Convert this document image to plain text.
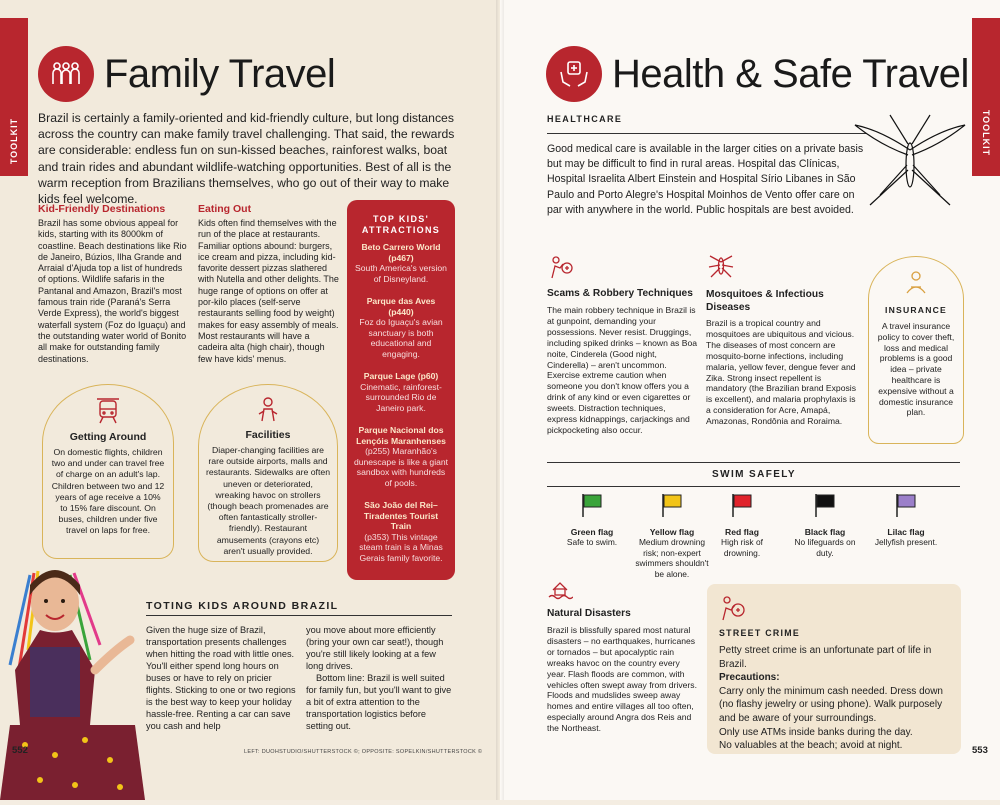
TOOLKIT
Family Travel
Brazil is certainly a family-oriented and kid-friendly culture, but long distances across the country can make family travel challenging. That said, the rewards are considerable: endless fun on sun-kissed beaches, rainforest walks, boat and train rides and abundant wildlife-watching opportunities. Best of all is the warm reception from Brazilians themselves, who go out of their way to make kids feel welcome.
Kid-Friendly Destinations
Brazil has some obvious appeal for kids, starting with its 8000km of coastline. Beach destinations like Rio de Janeiro, Búzios, Ilha Grande and Arraial d'Ajuda top a list of hundreds of options. Wildlife safaris in the Pantanal and Amazon, Brazil's most famous train ride (Paraná's Serra Verde Express), the world's biggest waterfall system (Foz do Iguaçu) and the outstanding water world of Bonito all make for outstanding family destinations.
Eating Out
Kids often find themselves with the run of the place at restaurants. Familiar options abound: burgers, ice cream and pizza, including kid-favorite dessert pizzas slathered with Nutella and other delights. The huge range of options on offer at por-kilo places (self-serve restaurants selling food by weight) makes for easy assembly of meals. Most restaurants will have a cadeira alta (high chair), though few have kids' menus.
TOP KIDS' ATTRACTIONS
Beto Carrero World (p467)
South America's version of Disneyland.
Parque das Aves (p440)
Foz do Iguaçu's avian sanctuary is both educational and engaging.
Parque Lage (p60)
Cinematic, rainforest-surrounded Rio de Janeiro park.
Parque Nacional dos Lençóis Maranhenses
(p255) Maranhão's dunescape is like a giant sandbox with hundreds of pools.
São João del Rei–Tiradentes Tourist Train
(p353) This vintage steam train is a Minas Gerais family favorite.
Getting Around
On domestic flights, children two and under can travel free of charge on an adult's lap. Children between two and 12 years of age receive a 10% to 15% fare discount. On buses, children under five travel on laps for free.
Facilities
Diaper-changing facilities are rare outside airports, malls and restaurants. Sidewalks are often uneven or deteriorated, wreaking havoc on strollers (though beach promenades are often fantastically stroller-friendly). Restaurant amusements (crayons etc) aren't usually provided.
TOTING KIDS AROUND BRAZIL
Given the huge size of Brazil, transportation presents challenges when hitting the road with little ones. You'll either spend long hours on buses or have to rely on pricier flights. Sticking to one or two regions is the best way to keep your holiday hassle-free. Renting a car can save you cash and help
you move about more efficiently (bring your own car seat!), though you're still likely looking at a few long drives.
Bottom line: Brazil is well suited for family fun, but you'll want to give a bit of extra attention to the transportation logistics before setting out.
552	LEFT: DUOHSTUDIO/SHUTTERSTOCK ©; OPPOSITE: SOPELKIN/SHUTTERSTOCK ©
TOOLKIT
Health & Safe Travel
HEALTHCARE
Good medical care is available in the larger cities on a private basis but may be difficult to find in rural areas. Hospital das Clínicas, Hospital Israelita Albert Einstein and Hospital Sírio Libanes in São Paulo and Porto Alegre's Hospital Moinhos de Vento offer care on par with anywhere in the world. Public hospitals are best avoided.
Scams & Robbery Techniques
The main robbery technique in Brazil is at gunpoint, demanding your possessions. Never resist. Druggings, including spiked drinks – known as Boa noite, Cinderela (Good night, Cinderella) – aren't uncommon. Exercise extreme caution when someone you don't know offers you a drink of any kind or even cigarettes or sweets. Distraction techniques, express kidnappings, carjackings and pickpocketing also occur.
Mosquitoes & Infectious Diseases
Brazil is a tropical country and mosquitoes are ubiquitous and vicious. The diseases of most concern are mosquito-borne infections, including malaria, yellow fever, dengue fever and Zika. Strong insect repellent is mandatory (the Brazilian brand Exposis is excellent), and malaria prophylaxis is a consideration for Acre, Amapá, Amazonas, Rondônia and Roraima.
INSURANCE
A travel insurance policy to cover theft, loss and medical problems is a good idea – private healthcare is expensive without a domestic insurance plan.
SWIM SAFELY
Green flag
Safe to swim.
Yellow flag
Medium drowning risk; non-expert swimmers shouldn't be alone.
Red flag
High risk of drowning.
Black flag
No lifeguards on duty.
Lilac flag
Jellyfish present.
Natural Disasters
Brazil is blissfully spared most natural disasters – no earthquakes, hurricanes or tornados – but apocalyptic rain wreaks havoc on the country every year. Flash floods are common, with vehicles often swept away from drivers. Floods and mudslides sweep away homes and entire villages all too often, especially around Angra dos Reis and the Northeast.
STREET CRIME
Petty street crime is an unfortunate part of life in Brazil.
Precautions:
Carry only the minimum cash needed. Dress down (no flashy jewelry or using phone). Walk purposely and be aware of your surroundings.
Only use ATMs inside banks during the day.
No valuables at the beach; avoid at night.	553
